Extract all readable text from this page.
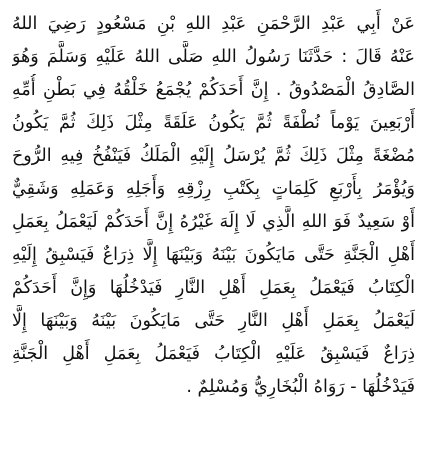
عَنْ أَبِي عَبْدِ الرَّحْمَنِ عَبْدِ اللهِ بْنِ مَسْعُودٍ رَضِيَ اللهُ
عَنْهُ قَالَ : حَدَّثَنَا رَسُولُ اللهِ صَلَّى اللهُ عَلَيْهِ وَسَلَّمَ وَهُوَ
الصَّادِقُ الْمَصْدُوقُ . إِنَّ أَحَدَكُمْ يُجْمَعُ خَلْقُهُ فِي بَطْنِ أُمِّهِ
أَرْبَعِينَ يَوْماً نُطْفَةً ثُمَّ يَكُونُ عَلَقَةً مِثْلَ ذَلِكَ ثُمَّ يَكُونُ
مُضْغَةً مِثْلَ ذَلِكَ ثُمَّ يُرْسَلُ إِلَيْهِ الْمَلَكُ فَيَنْفُخُ فِيهِ الرُّوحَ
وَيُؤْمَرُ بِأَرْبَعِ كَلِمَاتٍ بِكَتْبِ رِزْقِهِ وَأَجَلِهِ وَعَمَلِهِ وَشَقِيٌّ
أَوْ سَعِيدٌ فَوَ اللهِ الَّذِي لَا إِلَهَ غَيْرُهُ إِنَّ أَحَدَكُمْ لَيَعْمَلُ بِعَمَلِ
أَهْلِ الْجَنَّةِ حَتَّى مَايَكُونَ بَيْنَهُ وَبَيْنَهَا إِلَّا ذِرَاعٌ فَيَسْبِقُ إِلَيْهِ
الْكِتَابُ فَيَعْمَلُ بِعَمَلِ أَهْلِ النَّارِ فَيَدْخُلُهَا وَإِنَّ أَحَدَكُمْ
لَيَعْمَلُ بِعَمَلِ أَهْلِ النَّارِ حَتَّى مَايَكُونَ بَيْنَهُ وَبَيْنَهَا إِلَّا
ذِرَاعٌ فَيَسْبِقُ عَلَيْهِ الْكِتَابُ فَيَعْمَلُ بِعَمَلِ أَهْلِ الْجَنَّةِ
فَيَدْخُلُهَا - رَوَاهُ الْبُخَارِيُّ وَمُسْلِمٌ .
